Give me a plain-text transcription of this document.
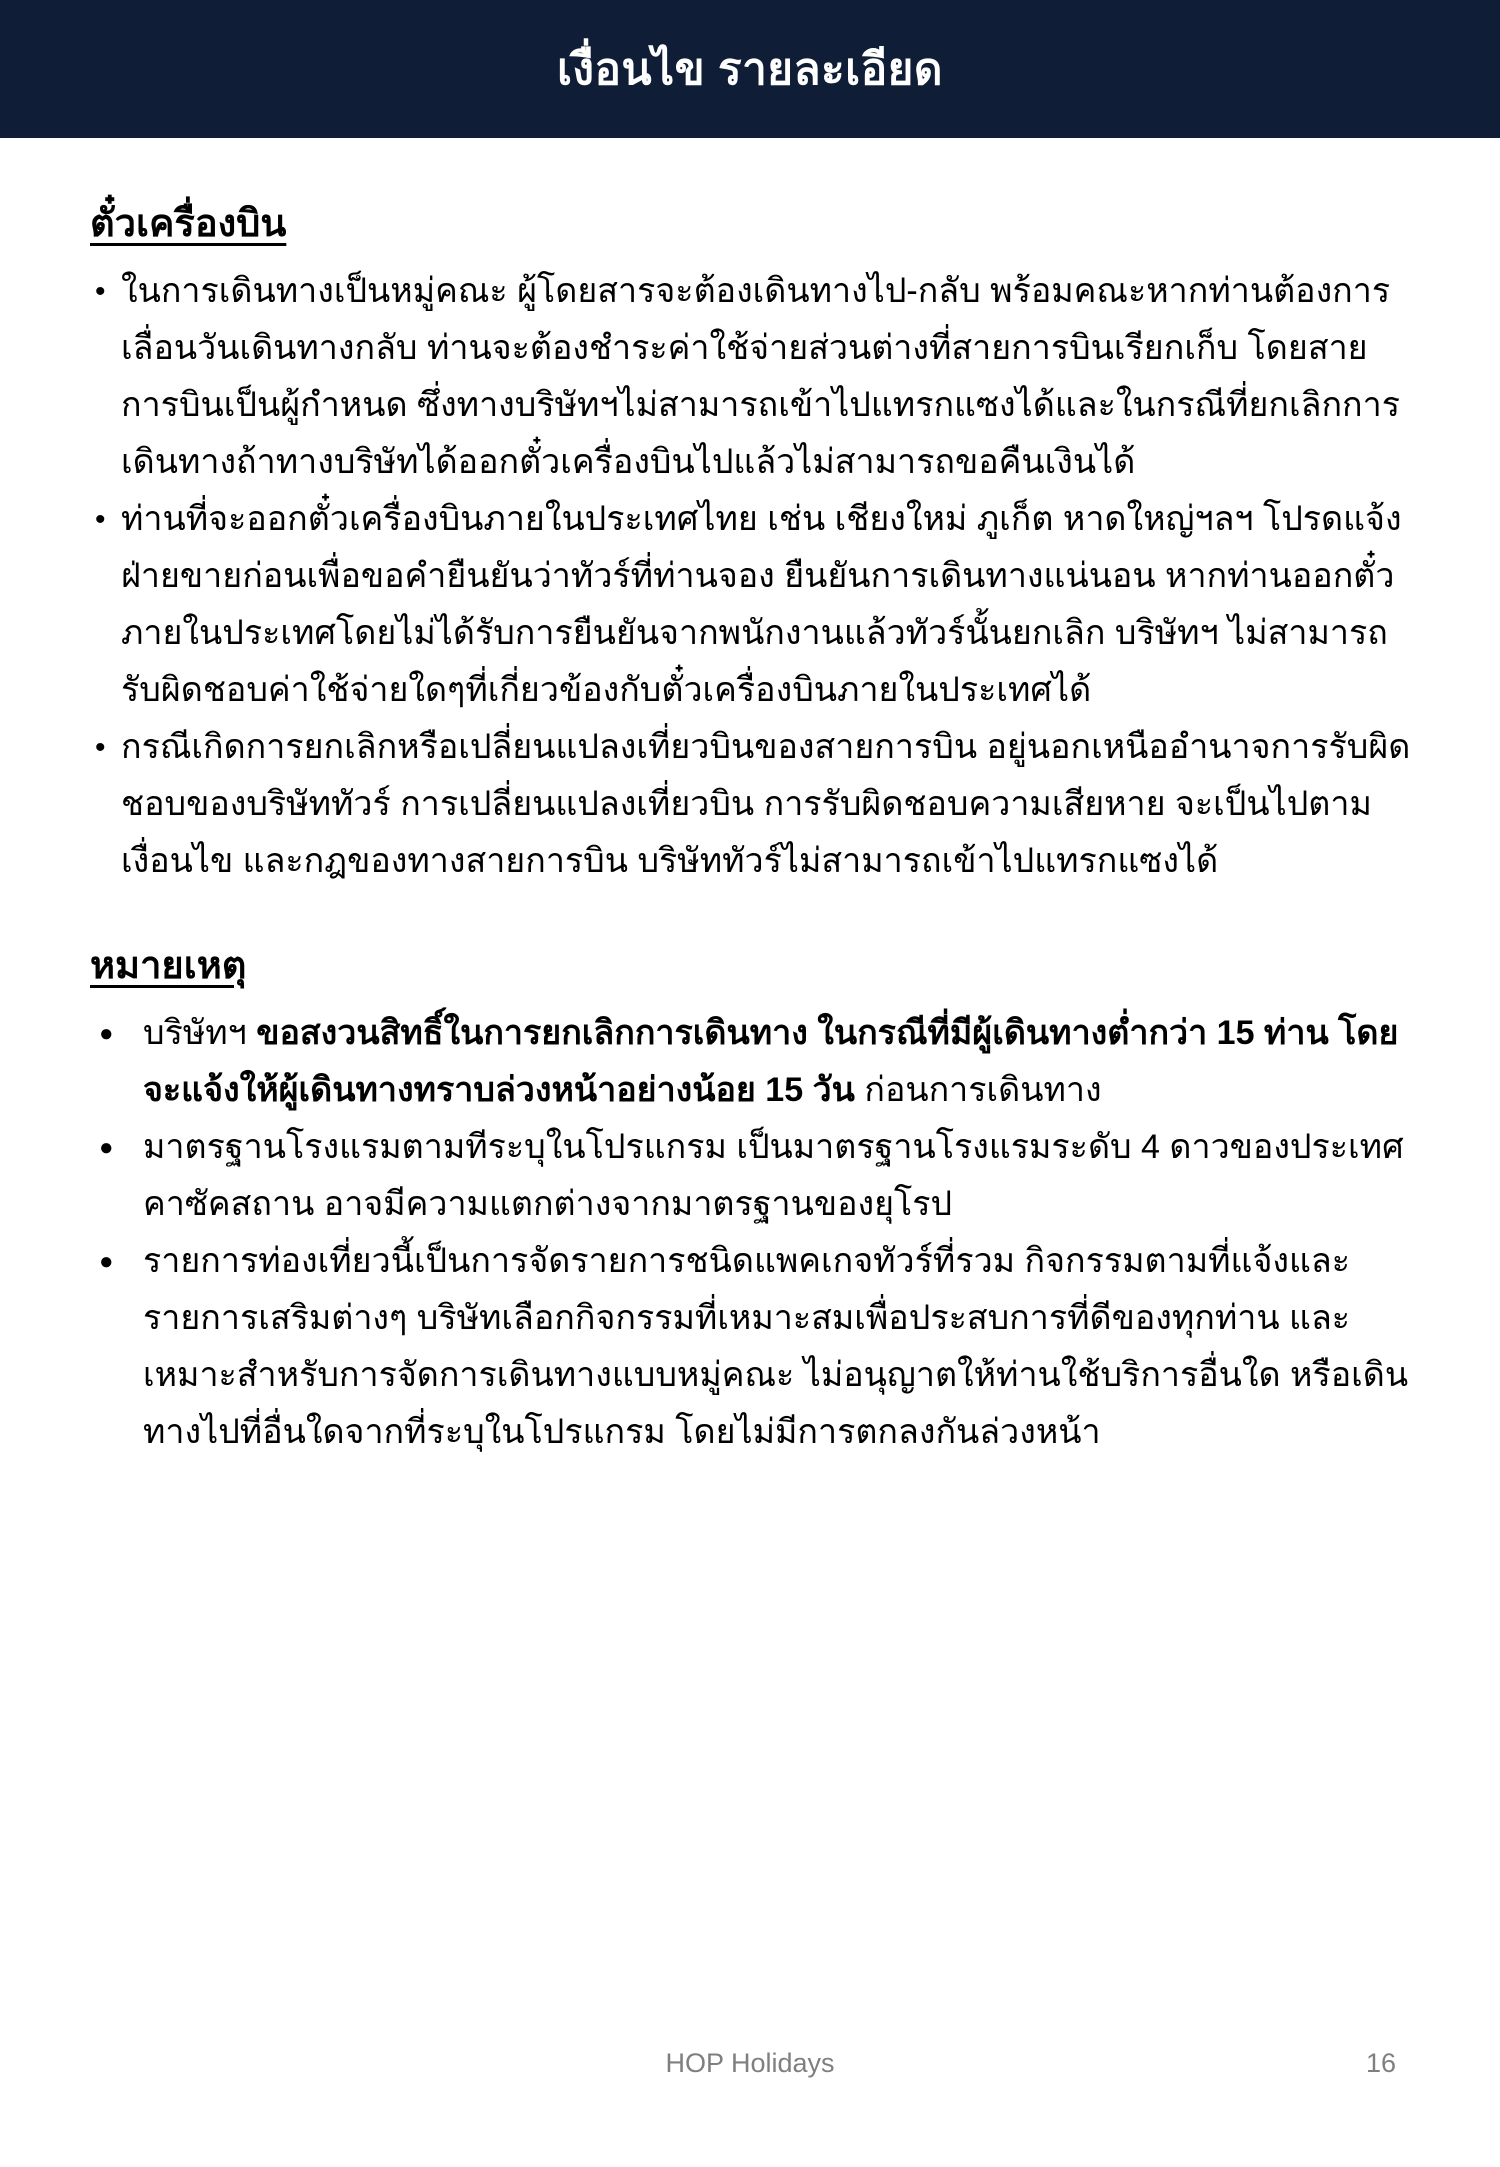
เงื่อนไข รายละเอียด
ตั๋วเครื่องบิน
• ในการเดินทางเป็นหมู่คณะ ผู้โดยสารจะต้องเดินทางไป-กลับ พร้อมคณะหากท่านต้องการเลื่อนวันเดินทางกลับ ท่านจะต้องชำระค่าใช้จ่ายส่วนต่างที่สายการบินเรียกเก็บ โดยสายการบินเป็นผู้กำหนด ซึ่งทางบริษัทฯไม่สามารถเข้าไปแทรกแซงได้และในกรณีที่ยกเลิกการเดินทางถ้าทางบริษัทได้ออกตั๋วเครื่องบินไปแล้วไม่สามารถขอคืนเงินได้
• ท่านที่จะออกตั๋วเครื่องบินภายในประเทศไทย เช่น เชียงใหม่ ภูเก็ต หาดใหญ่ฯลฯ โปรดแจ้งฝ่ายขายก่อนเพื่อขอคำยืนยันว่าทัวร์ที่ท่านจอง ยืนยันการเดินทางแน่นอน หากท่านออกตั๋วภายในประเทศโดยไม่ได้รับการยืนยันจากพนักงานแล้วทัวร์นั้นยกเลิก บริษัทฯ ไม่สามารถรับผิดชอบค่าใช้จ่ายใดๆที่เกี่ยวข้องกับตั๋วเครื่องบินภายในประเทศได้
• กรณีเกิดการยกเลิกหรือเปลี่ยนแปลงเที่ยวบินของสายการบิน อยู่นอกเหนืออำนาจการรับผิดชอบของบริษัททัวร์ การเปลี่ยนแปลงเที่ยวบิน การรับผิดชอบความเสียหาย จะเป็นไปตามเงื่อนไข และกฎของทางสายการบิน บริษัททัวร์ไม่สามารถเข้าไปแทรกแซงได้
หมายเหตุ
● บริษัทฯ ขอสงวนสิทธิ์ในการยกเลิกการเดินทาง ในกรณีที่มีผู้เดินทางต่ำกว่า 15 ท่าน โดยจะแจ้งให้ผู้เดินทางทราบล่วงหน้าอย่างน้อย 15 วัน ก่อนการเดินทาง
● มาตรฐานโรงแรมตามทีระบุในโปรแกรม เป็นมาตรฐานโรงแรมระดับ 4 ดาวของประเทศคาซัคสถาน อาจมีความแตกต่างจากมาตรฐานของยุโรป
● รายการท่องเที่ยวนี้เป็นการจัดรายการชนิดแพคเกจทัวร์ที่รวม กิจกรรมตามที่แจ้งและรายการเสริมต่างๆ บริษัทเลือกกิจกรรมที่เหมาะสมเพื่อประสบการที่ดีของทุกท่าน และเหมาะสำหรับการจัดการเดินทางแบบหมู่คณะ ไม่อนุญาตให้ท่านใช้บริการอื่นใด หรือเดินทางไปที่อื่นใดจากที่ระบุในโปรแกรม โดยไม่มีการตกลงกันล่วงหน้า
HOP Holidays	16
